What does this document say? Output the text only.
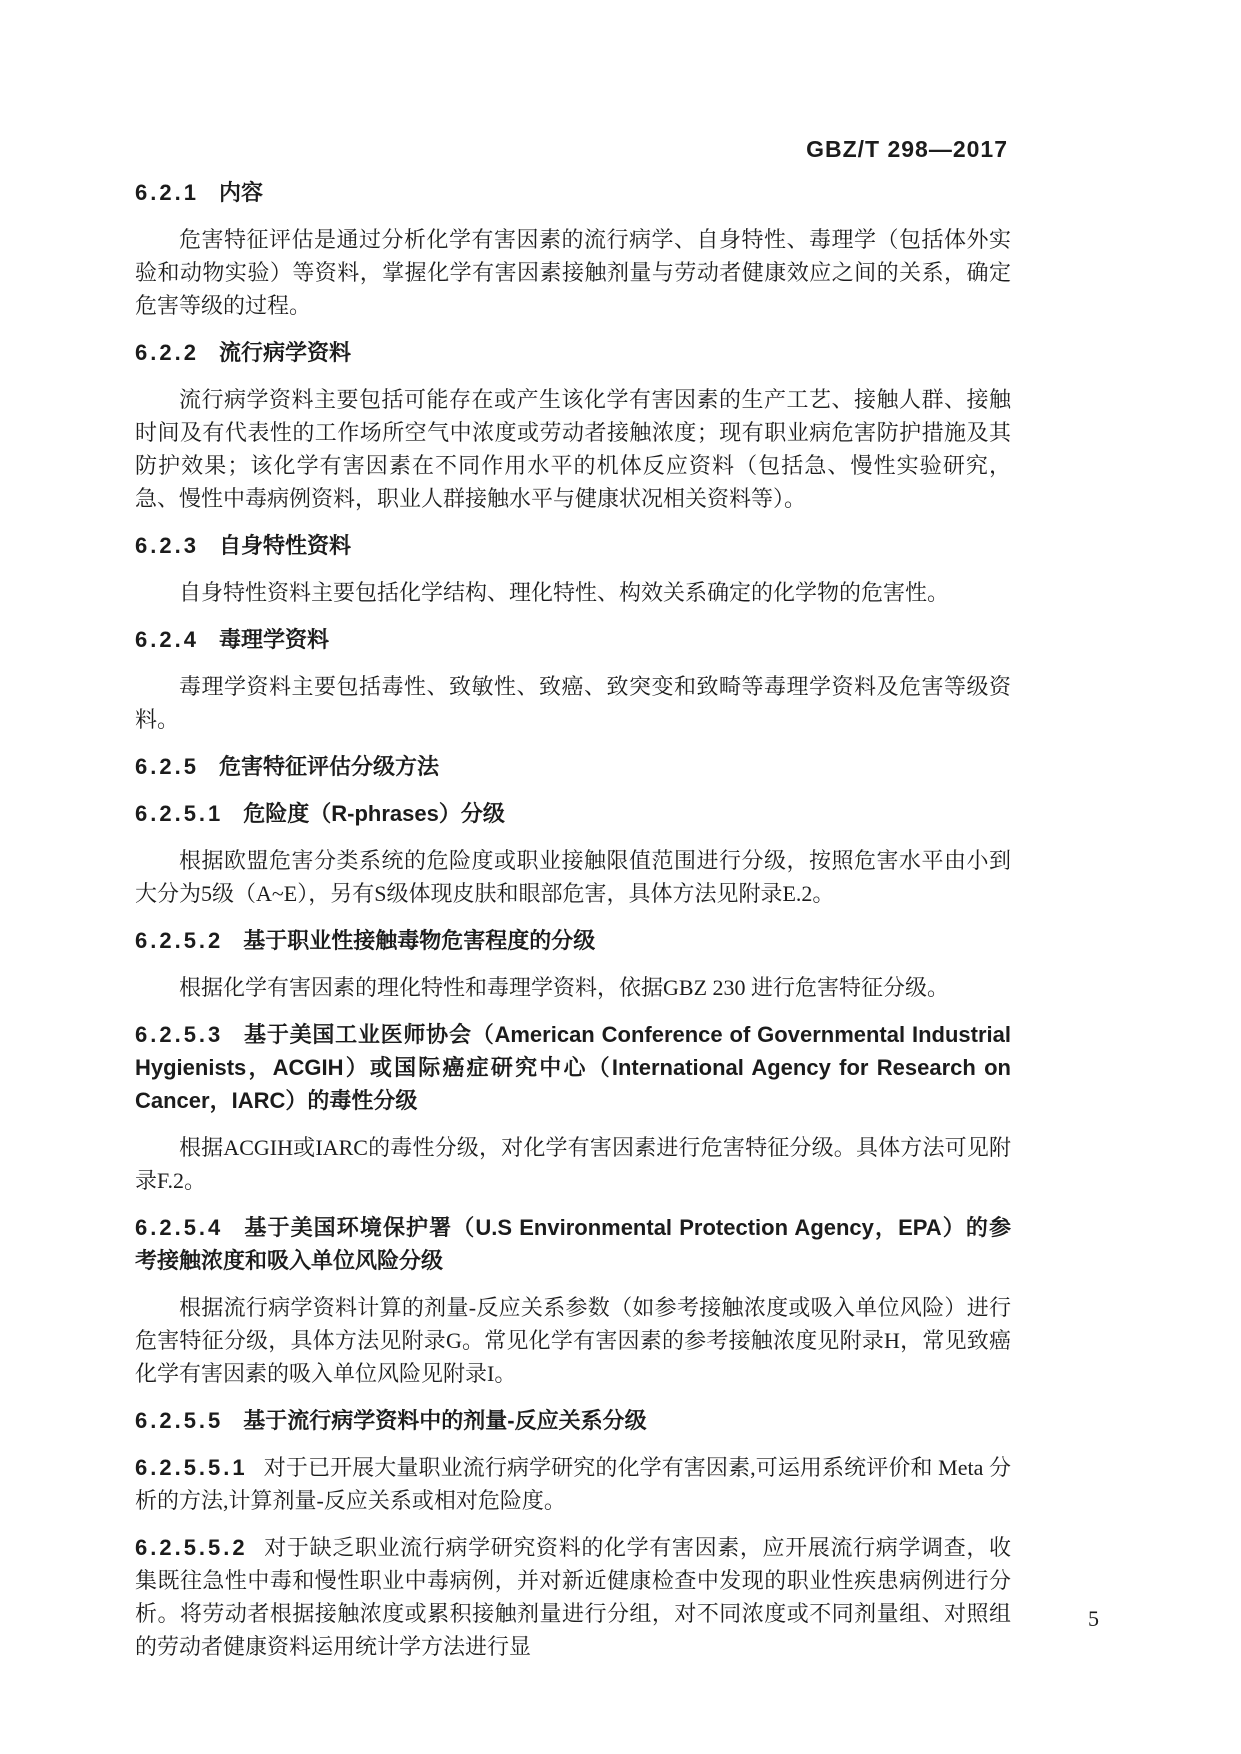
GBZ/T 298—2017
6.2.1 内容

危害特征评估是通过分析化学有害因素的流行病学、自身特性、毒理学（包括体外实验和动物实验）等资料，掌握化学有害因素接触剂量与劳动者健康效应之间的关系，确定危害等级的过程。

6.2.2 流行病学资料

流行病学资料主要包括可能存在或产生该化学有害因素的生产工艺、接触人群、接触时间及有代表性的工作场所空气中浓度或劳动者接触浓度；现有职业病危害防护措施及其防护效果；该化学有害因素在不同作用水平的机体反应资料（包括急、慢性实验研究，急、慢性中毒病例资料，职业人群接触水平与健康状况相关资料等）。

6.2.3 自身特性资料

自身特性资料主要包括化学结构、理化特性、构效关系确定的化学物的危害性。

6.2.4 毒理学资料

毒理学资料主要包括毒性、致敏性、致癌、致突变和致畸等毒理学资料及危害等级资料。

6.2.5 危害特征评估分级方法
6.2.5.1 危险度（R-phrases）分级

根据欧盟危害分类系统的危险度或职业接触限值范围进行分级，按照危害水平由小到大分为5级（A~E），另有S级体现皮肤和眼部危害，具体方法见附录E.2。

6.2.5.2 基于职业性接触毒物危害程度的分级

根据化学有害因素的理化特性和毒理学资料，依据GBZ 230 进行危害特征分级。

6.2.5.3 基于美国工业医师协会（American Conference of Governmental Industrial Hygienists，ACGIH）或国际癌症研究中心（International Agency for Research on Cancer，IARC）的毒性分级

根据ACGIH或IARC的毒性分级，对化学有害因素进行危害特征分级。具体方法可见附录F.2。

6.2.5.4 基于美国环境保护署（U.S Environmental Protection Agency，EPA）的参考接触浓度和吸入单位风险分级

根据流行病学资料计算的剂量-反应关系参数（如参考接触浓度或吸入单位风险）进行危害特征分级，具体方法见附录G。常见化学有害因素的参考接触浓度见附录H，常见致癌化学有害因素的吸入单位风险见附录I。

6.2.5.5 基于流行病学资料中的剂量-反应关系分级

6.2.5.5.1 对于已开展大量职业流行病学研究的化学有害因素,可运用系统评价和 Meta 分析的方法,计算剂量-反应关系或相对危险度。

6.2.5.5.2 对于缺乏职业流行病学研究资料的化学有害因素，应开展流行病学调查，收集既往急性中毒和慢性职业中毒病例，并对新近健康检查中发现的职业性疾患病例进行分析。将劳动者根据接触浓度或累积接触剂量进行分组，对不同浓度或不同剂量组、对照组的劳动者健康资料运用统计学方法进行显

5
